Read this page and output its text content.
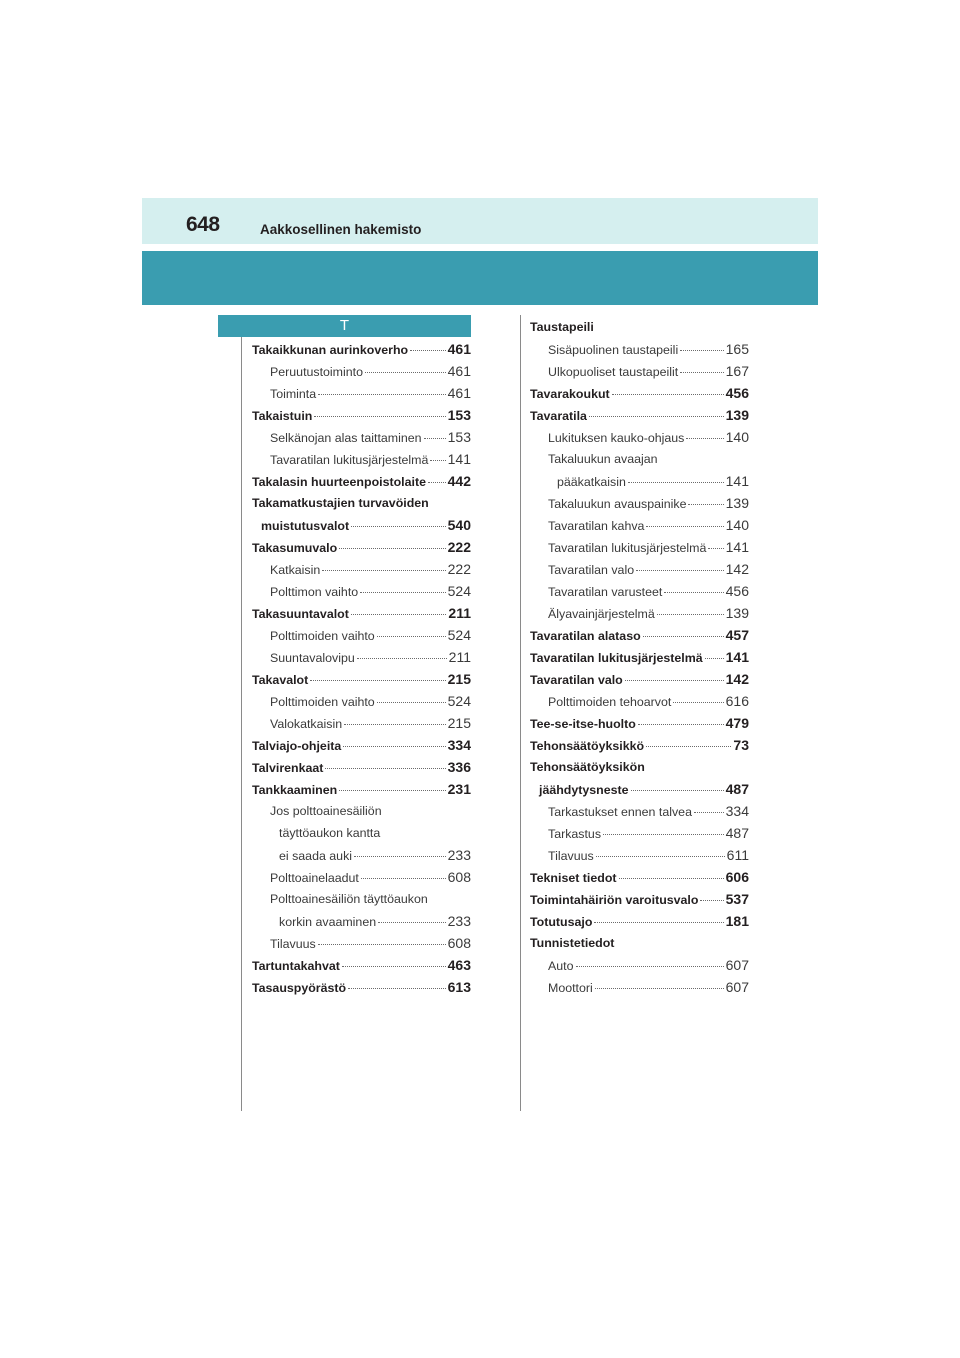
648	Aakkosellinen hakemisto
T
Takaikkunan aurinkoverho	461
Peruutustoiminto	461
Toiminta	461
Takaistuin	153
Selkänojan alas taittaminen 153
Tavaratilan lukitusjärjestelmä 141
Takalasin huurteenpoistolaite 442
Takamatkustajien turvavöiden
muistutusvalot	540
Takasumuvalo	222
Katkaisin	222
Polttimon vaihto	524
Takasuuntavalot	211
Polttimoiden vaihto	524
Suuntavalovipu	211
Takavalot	215
Polttimoiden vaihto	524
Valokatkaisin	215
Talviajo-ohjeita	334
Talvirenkaat	336
Tankkaaminen	231
Jos polttoainesäiliön
täyttöaukon kantta
ei saada auki	233
Polttoainelaadut	608
Polttoainesäiliön täyttöaukon
korkin avaaminen	233
Tilavuus	608
Tartuntakahvat	463
Tasauspyörästö	613
Taustapeili
Sisäpuolinen taustapeili	165
Ulkopuoliset taustapeilit	167
Tavarakoukut	456
Tavaratila	139
Lukituksen kauko-ohjaus	140
Takaluukun avaajan
pääkatkaisin	141
Takaluukun avauspainike	139
Tavaratilan kahva	140
Tavaratilan lukitusjärjestelmä 141
Tavaratilan valo	142
Tavaratilan varusteet	456
Älyavainjärjestelmä	139
Tavaratilan alataso	457
Tavaratilan lukitusjärjestelmä 141
Tavaratilan valo	142
Polttimoiden tehoarvot	616
Tee-se-itse-huolto	479
Tehonsäätöyksikkö	73
Tehonsäätöyksikön
jäähdytysneste	487
Tarkastukset ennen talvea 334
Tarkastus	487
Tilavuus	611
Tekniset tiedot	606
Toimintahäiriön varoitusvalo 537
Totutusajo	181
Tunnistetiedot
Auto	607
Moottori	607
